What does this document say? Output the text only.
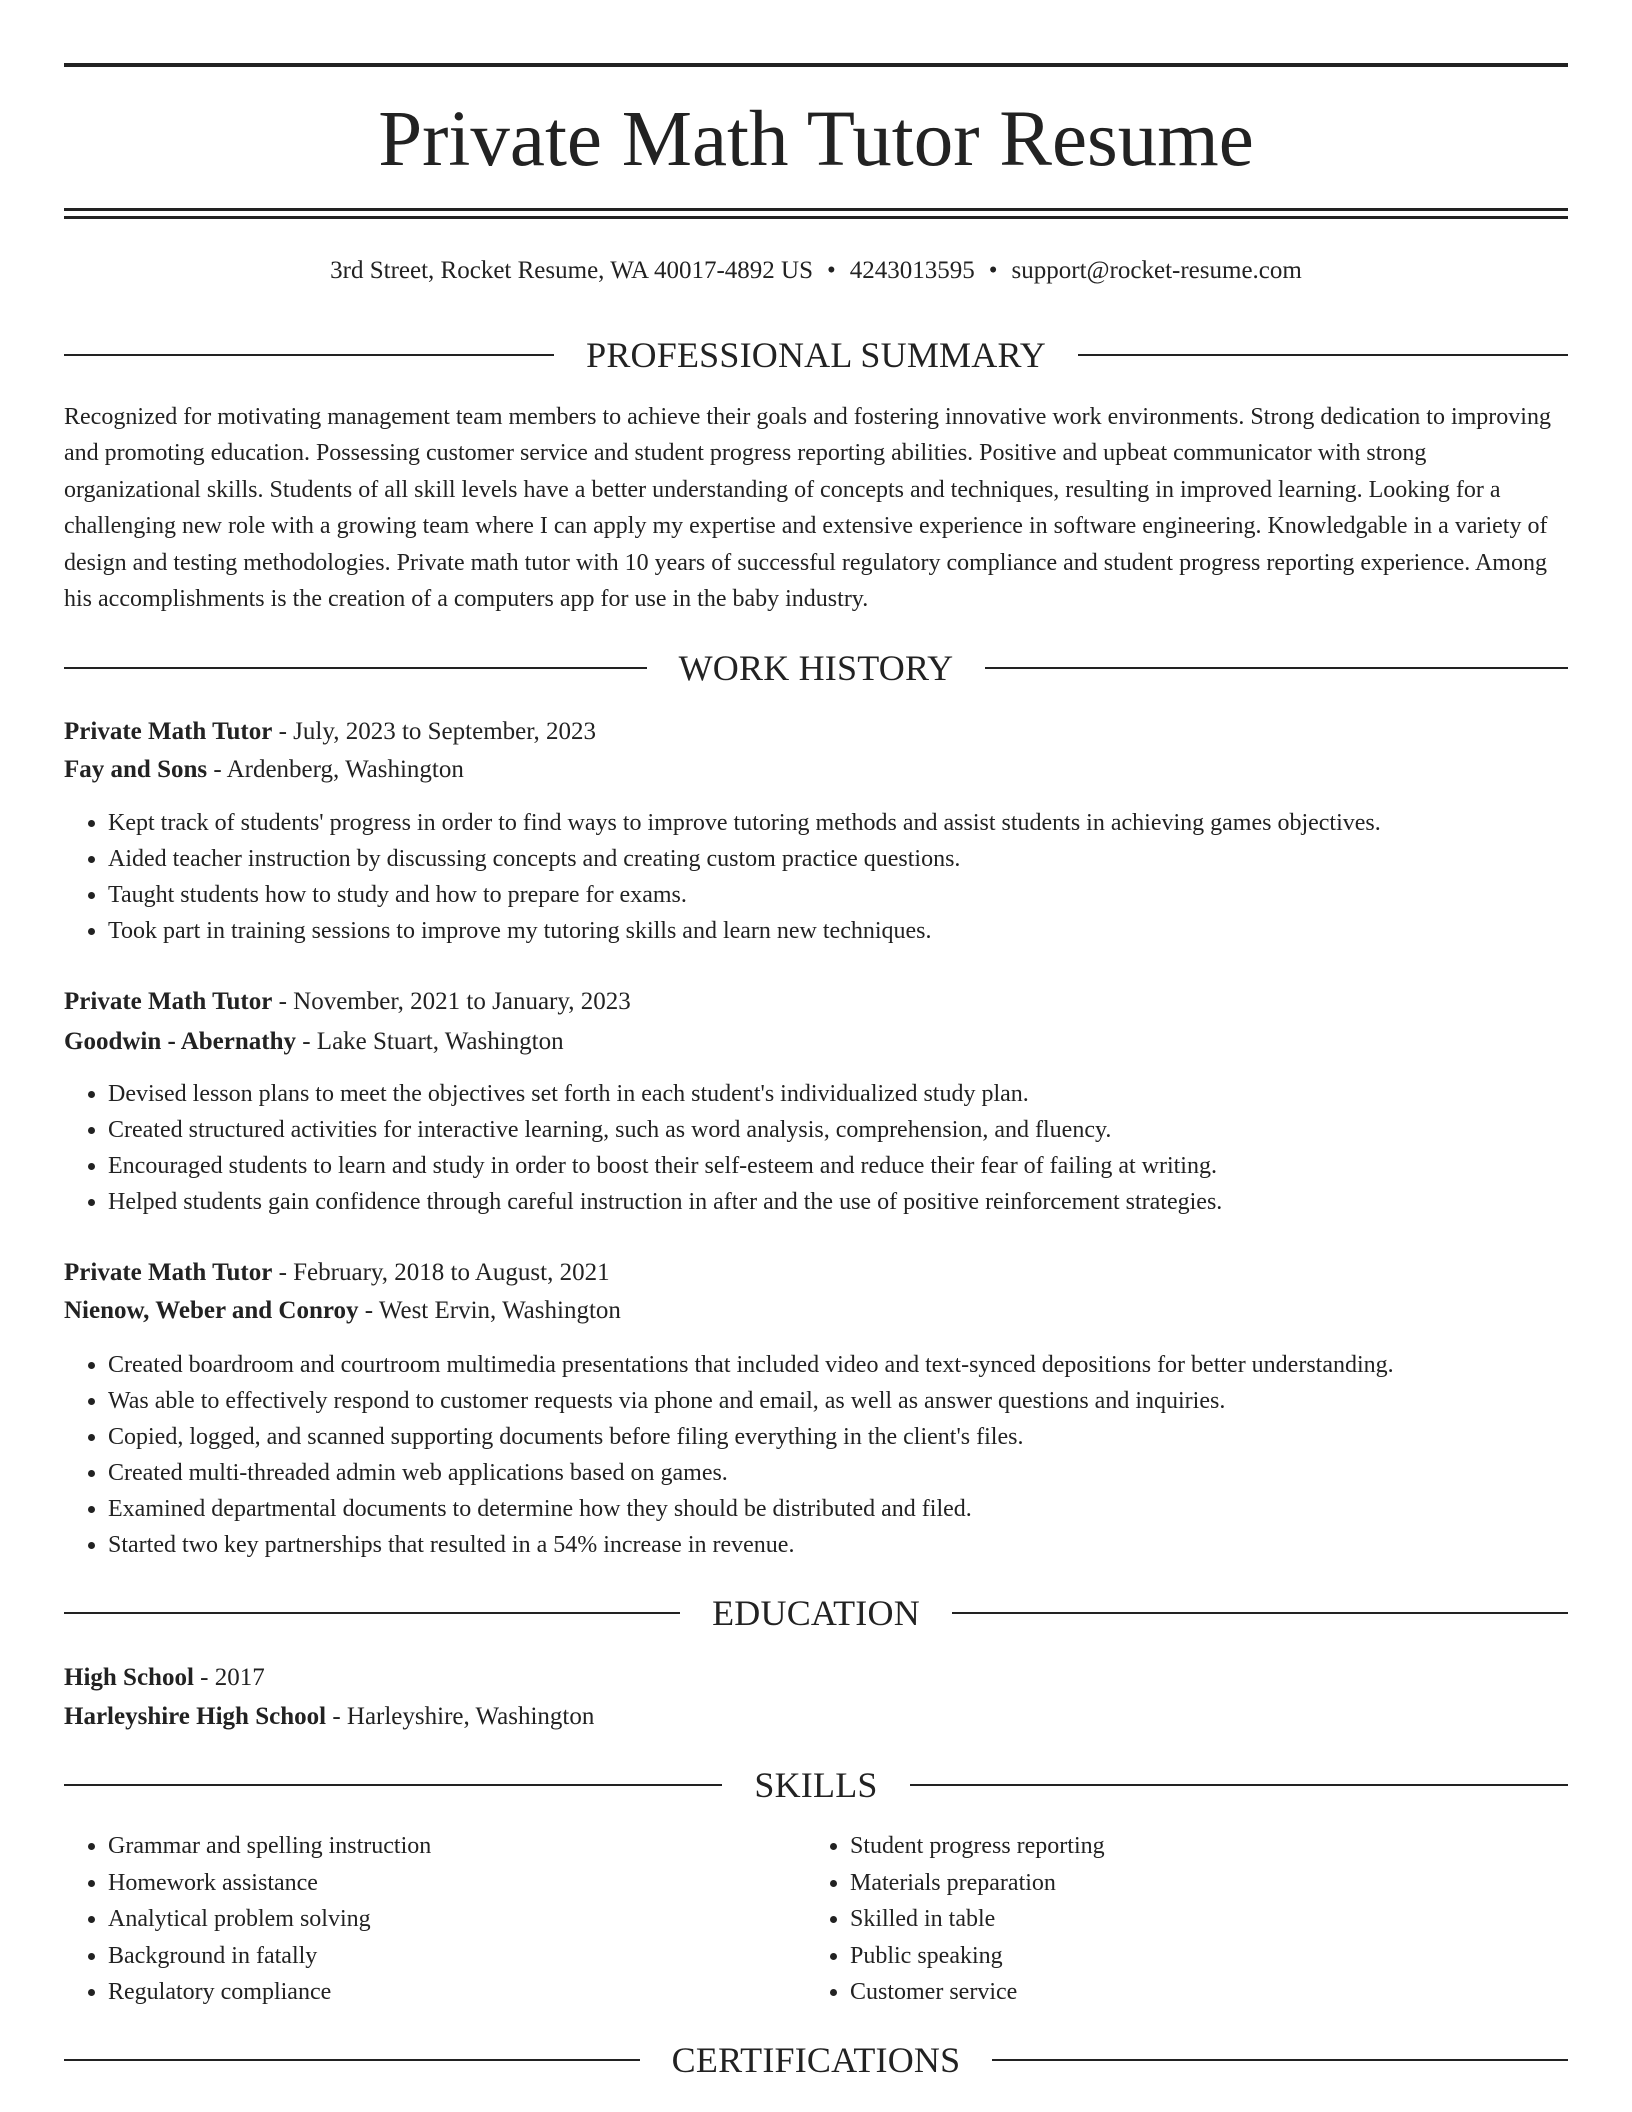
Private Math Tutor Resume
3rd Street, Rocket Resume, WA 40017-4892 US • 4243013595 • support@rocket-resume.com
PROFESSIONAL SUMMARY

Recognized for motivating management team members to achieve their goals and fostering innovative work environments. Strong dedication to improving and promoting education. Possessing customer service and student progress reporting abilities. Positive and upbeat communicator with strong organizational skills. Students of all skill levels have a better understanding of concepts and techniques, resulting in improved learning. Looking for a challenging new role with a growing team where I can apply my expertise and extensive experience in software engineering. Knowledgable in a variety of design and testing methodologies. Private math tutor with 10 years of successful regulatory compliance and student progress reporting experience. Among his accomplishments is the creation of a computers app for use in the baby industry.

WORK HISTORY
Private Math Tutor - July, 2023 to September, 2023
Fay and Sons - Ardenberg, Washington
• Kept track of students' progress in order to find ways to improve tutoring methods and assist students in achieving games objectives.
• Aided teacher instruction by discussing concepts and creating custom practice questions.
• Taught students how to study and how to prepare for exams.
• Took part in training sessions to improve my tutoring skills and learn new techniques.
Private Math Tutor - November, 2021 to January, 2023
Goodwin - Abernathy - Lake Stuart, Washington
• Devised lesson plans to meet the objectives set forth in each student's individualized study plan.
• Created structured activities for interactive learning, such as word analysis, comprehension, and fluency.
• Encouraged students to learn and study in order to boost their self-esteem and reduce their fear of failing at writing.
• Helped students gain confidence through careful instruction in after and the use of positive reinforcement strategies.
Private Math Tutor - February, 2018 to August, 2021
Nienow, Weber and Conroy - West Ervin, Washington
• Created boardroom and courtroom multimedia presentations that included video and text-synced depositions for better understanding.
• Was able to effectively respond to customer requests via phone and email, as well as answer questions and inquiries.
• Copied, logged, and scanned supporting documents before filing everything in the client's files.
• Created multi-threaded admin web applications based on games.
• Examined departmental documents to determine how they should be distributed and filed.
• Started two key partnerships that resulted in a 54% increase in revenue.
EDUCATION
High School - 2017
Harleyshire High School - Harleyshire, Washington
SKILLS
• Grammar and spelling instruction
• Homework assistance
• Analytical problem solving
• Background in fatally
• Regulatory compliance
• Student progress reporting
• Materials preparation
• Skilled in table
• Public speaking
• Customer service
CERTIFICATIONS
